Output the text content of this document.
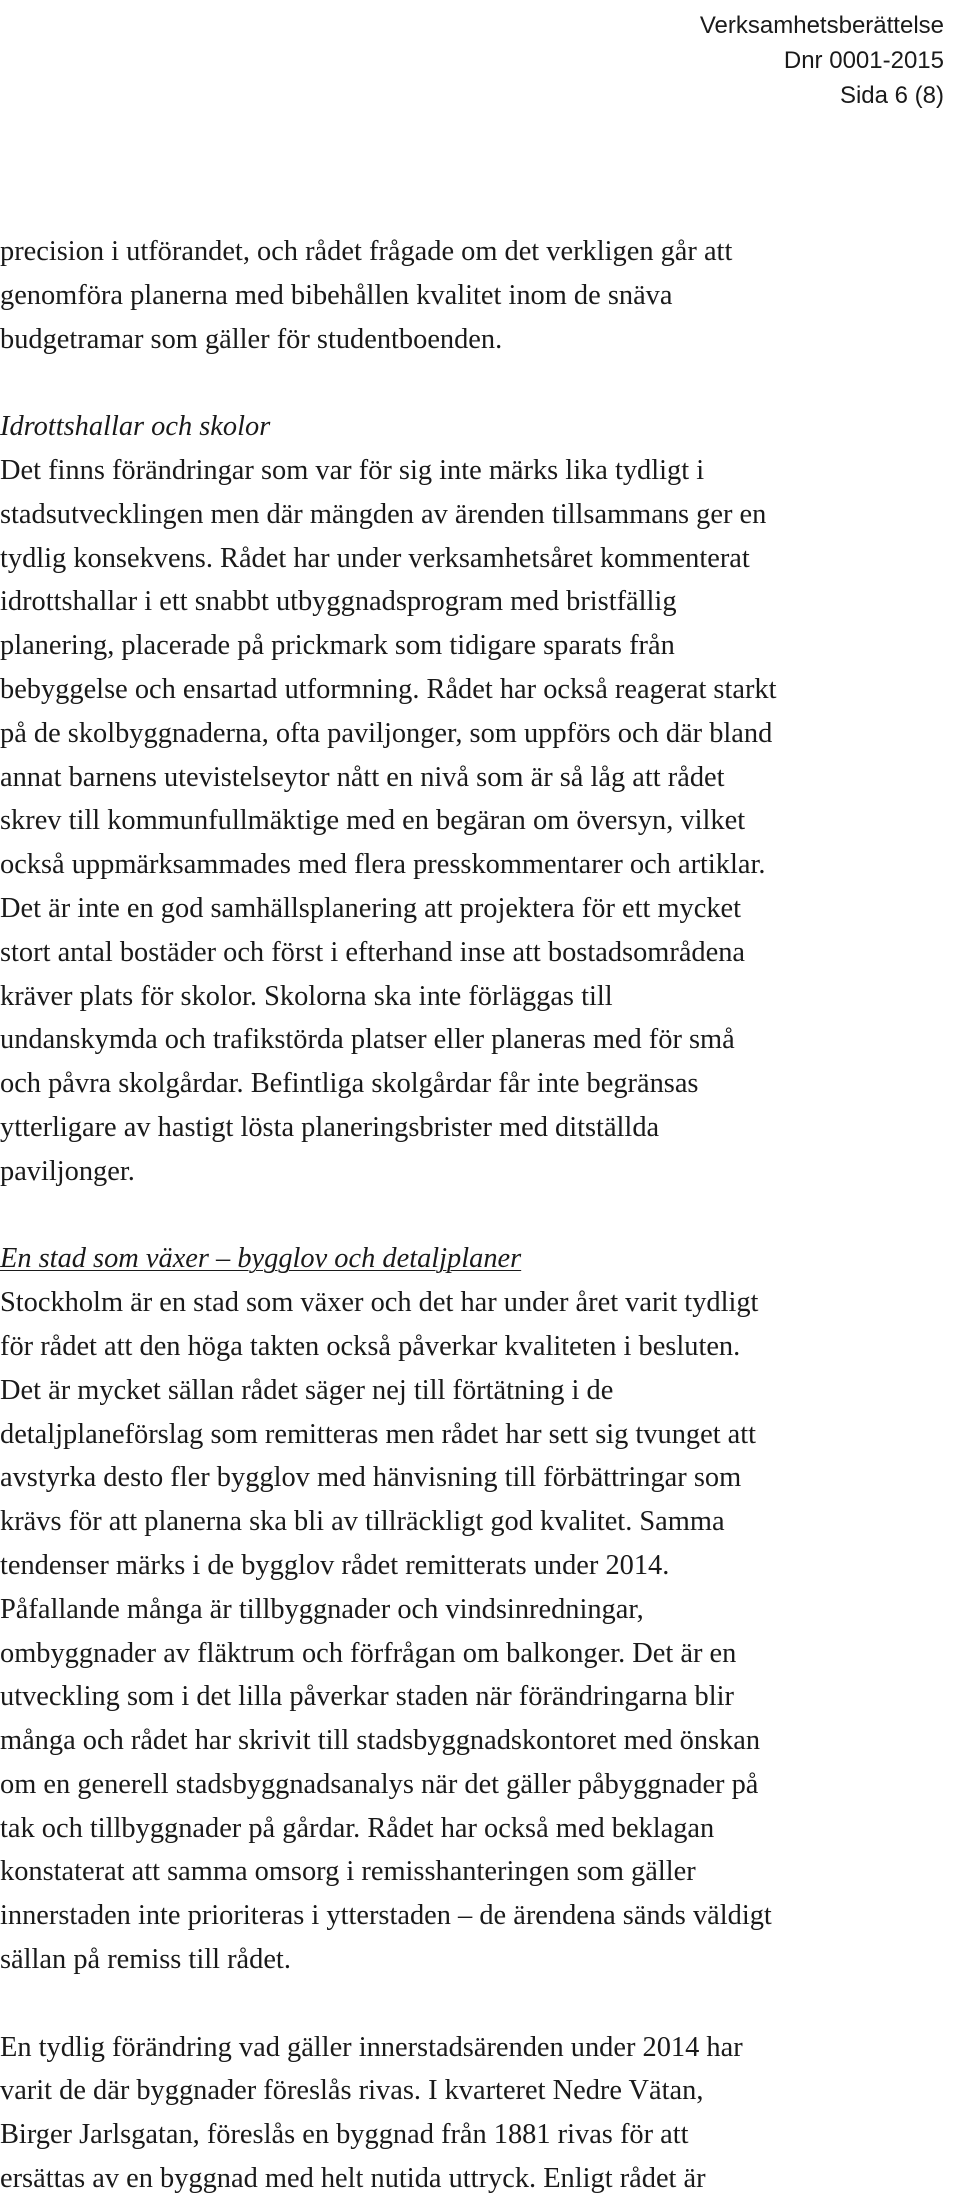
Verksamhetsberättelse
Dnr 0001-2015
Sida 6 (8)
precision i utförandet, och rådet frågade om det verkligen går att
genomföra planerna med bibehållen kvalitet inom de snäva
budgetramar som gäller för studentboenden.
Idrottshallar och skolor
Det finns förändringar som var för sig inte märks lika tydligt i
stadsutvecklingen men där mängden av ärenden tillsammans ger en
tydlig konsekvens. Rådet har under verksamhetsåret kommenterat
idrottshallar i ett snabbt utbyggnadsprogram med bristfällig
planering, placerade på prickmark som tidigare sparats från
bebyggelse och ensartad utformning. Rådet har också reagerat starkt
på de skolbyggnaderna, ofta paviljonger, som uppförs och där bland
annat barnens utevistelseytor nått en nivå som är så låg att rådet
skrev till kommunfullmäktige med en begäran om översyn, vilket
också uppmärksammades med flera presskommentarer och artiklar.
Det är inte en god samhällsplanering att projektera för ett mycket
stort antal bostäder och först i efterhand inse att bostadsområdena
kräver plats för skolor. Skolorna ska inte förläggas till
undanskymda och trafikstörda platser eller planeras med för små
och påvra skolgårdar. Befintliga skolgårdar får inte begränsas
ytterligare av hastigt lösta planeringsbrister med ditställda
paviljonger.
En stad som växer – bygglov och detaljplaner
Stockholm är en stad som växer och det har under året varit tydligt
för rådet att den höga takten också påverkar kvaliteten i besluten.
Det är mycket sällan rådet säger nej till förtätning i de
detaljplaneförslag som remitteras men rådet har sett sig tvunget att
avstyrka desto fler bygglov med hänvisning till förbättringar som
krävs för att planerna ska bli av tillräckligt god kvalitet. Samma
tendenser märks i de bygglov rådet remitterats under 2014.
Påfallande många är tillbyggnader och vindsinredningar,
ombyggnader av fläktrum och förfrågan om balkonger. Det är en
utveckling som i det lilla påverkar staden när förändringarna blir
många och rådet har skrivit till stadsbyggnadskontoret med önskan
om en generell stadsbyggnadsanalys när det gäller påbyggnader på
tak och tillbyggnader på gårdar. Rådet har också med beklagan
konstaterat att samma omsorg i remisshanteringen som gäller
innerstaden inte prioriteras i ytterstaden – de ärendena sänds väldigt
sällan på remiss till rådet.
En tydlig förändring vad gäller innerstadsärenden under 2014 har
varit de där byggnader föreslås rivas. I kvarteret Nedre Vätan,
Birger Jarlsgatan, föreslås en byggnad från 1881 rivas för att
ersättas av en byggnad med helt nutida uttryck. Enligt rådet är
